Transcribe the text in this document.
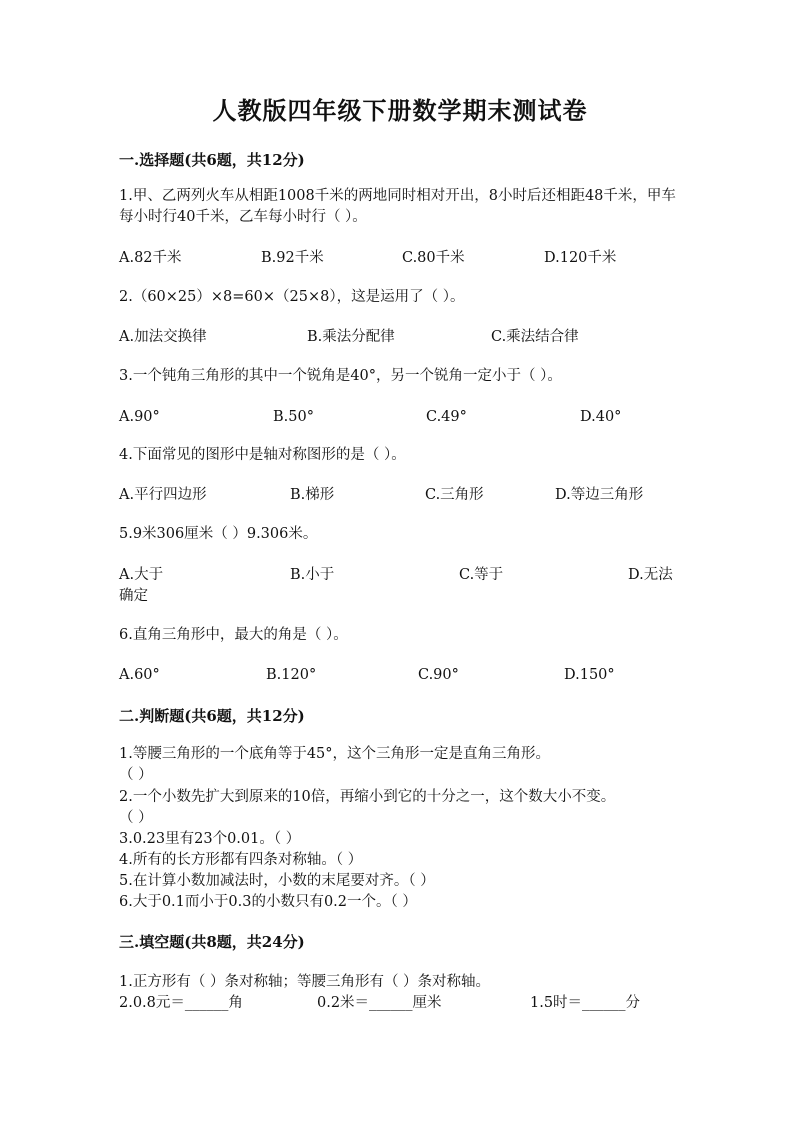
人教版四年级下册数学期末测试卷
一.选择题(共6题，共12分)
1.甲、乙两列火车从相距1008千米的两地同时相对开出，8小时后还相距48千米，甲车每小时行40千米，乙车每小时行（ ）。
A.82千米	B.92千米	C.80千米	D.120千米
2.（60×25）×8=60×（25×8），这是运用了（ ）。
A.加法交换律	B.乘法分配律	C.乘法结合律
3.一个钝角三角形的其中一个锐角是40°，另一个锐角一定小于（ ）。
A.90°	B.50°	C.49°	D.40°
4.下面常见的图形中是轴对称图形的是（ ）。
A.平行四边形	B.梯形	C.三角形	D.等边三角形
5.9米306厘米（ ）9.306米。
A.大于	B.小于	C.等于	D.无法
确定
6.直角三角形中，最大的角是（ ）。
A.60°	B.120°	C.90°	D.150°
二.判断题(共6题，共12分)
1.等腰三角形的一个底角等于45°，这个三角形一定是直角三角形。
（ ）
2.一个小数先扩大到原来的10倍，再缩小到它的十分之一，这个数大小不变。
（ ）
3.0.23里有23个0.01。（ ）
4.所有的长方形都有四条对称轴。（ ）
5.在计算小数加减法时，小数的末尾要对齐。（ ）
6.大于0.1而小于0.3的小数只有0.2一个。（ ）
三.填空题(共8题，共24分)
1.正方形有（ ）条对称轴；等腰三角形有（ ）条对称轴。
2.0.8元＝______角	0.2米＝______厘米	1.5时＝______分
